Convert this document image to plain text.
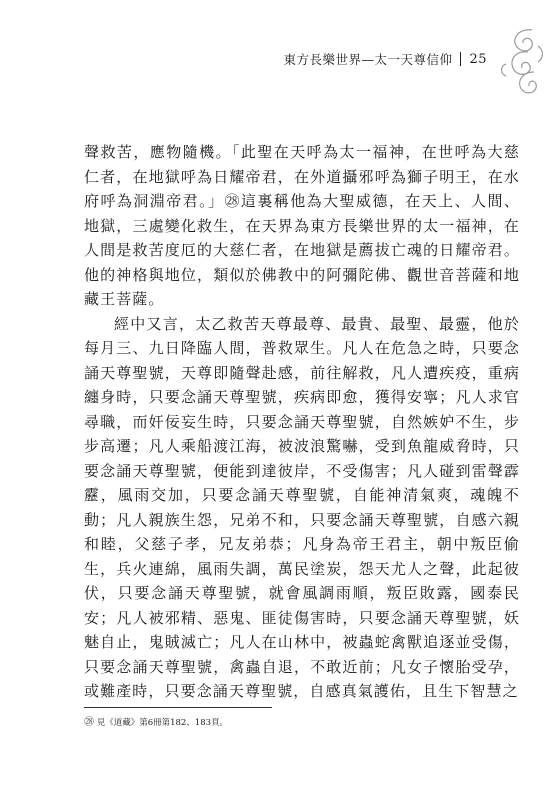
東方長樂世界—太一天尊信仰 25

聲救苦，應物隨機。「此聖在天呼為太一福神，在世呼為大慈仁者，在地獄呼為日耀帝君，在外道攝邪呼為獅子明王，在水府呼為洞淵帝君。」㉘這裏稱他為大聖威德，在天上、人間、地獄，三處變化救生，在天界為東方長樂世界的太一福神，在人間是救苦度厄的大慈仁者，在地獄是薦拔亡魂的日耀帝君。他的神格與地位，類似於佛教中的阿彌陀佛、觀世音菩薩和地藏王菩薩。

經中又言，太乙救苦天尊最尊、最貴、最聖、最靈，他於每月三、九日降臨人間，普救眾生。凡人在危急之時，只要念誦天尊聖號，天尊即隨聲赴感，前往解救，凡人遭疾疫，重病纏身時，只要念誦天尊聖號，疾病即愈，獲得安寧；凡人求官尋職，而奸佞妄生時，只要念誦天尊聖號，自然嫉妒不生，步步高遷；凡人乘船渡江海，被波浪驚嚇，受到魚龍威脅時，只要念誦天尊聖號，便能到達彼岸，不受傷害；凡人碰到雷聲霹靂，風雨交加，只要念誦天尊聖號，自能神清氣爽，魂魄不動；凡人親族生怨，兄弟不和，只要念誦天尊聖號，自感六親和睦，父慈子孝，兄友弟恭；凡身為帝王君主，朝中叛臣偷生，兵火連綿，風雨失調，萬民塗炭，怨天尤人之聲，此起彼伏，只要念誦天尊聖號，就會風調雨順，叛臣敗露，國泰民安；凡人被邪精、惡鬼、匪徒傷害時，只要念誦天尊聖號，妖魅自止，鬼賊滅亡；凡人在山林中，被蟲蛇禽獸追逐並受傷，只要念誦天尊聖號，禽蟲自退，不敢近前；凡女子懷胎受孕，或難產時，只要念誦天尊聖號，自感真氣護佑，且生下智慧之

㉘ 見《道藏》第6冊第182、183頁。
